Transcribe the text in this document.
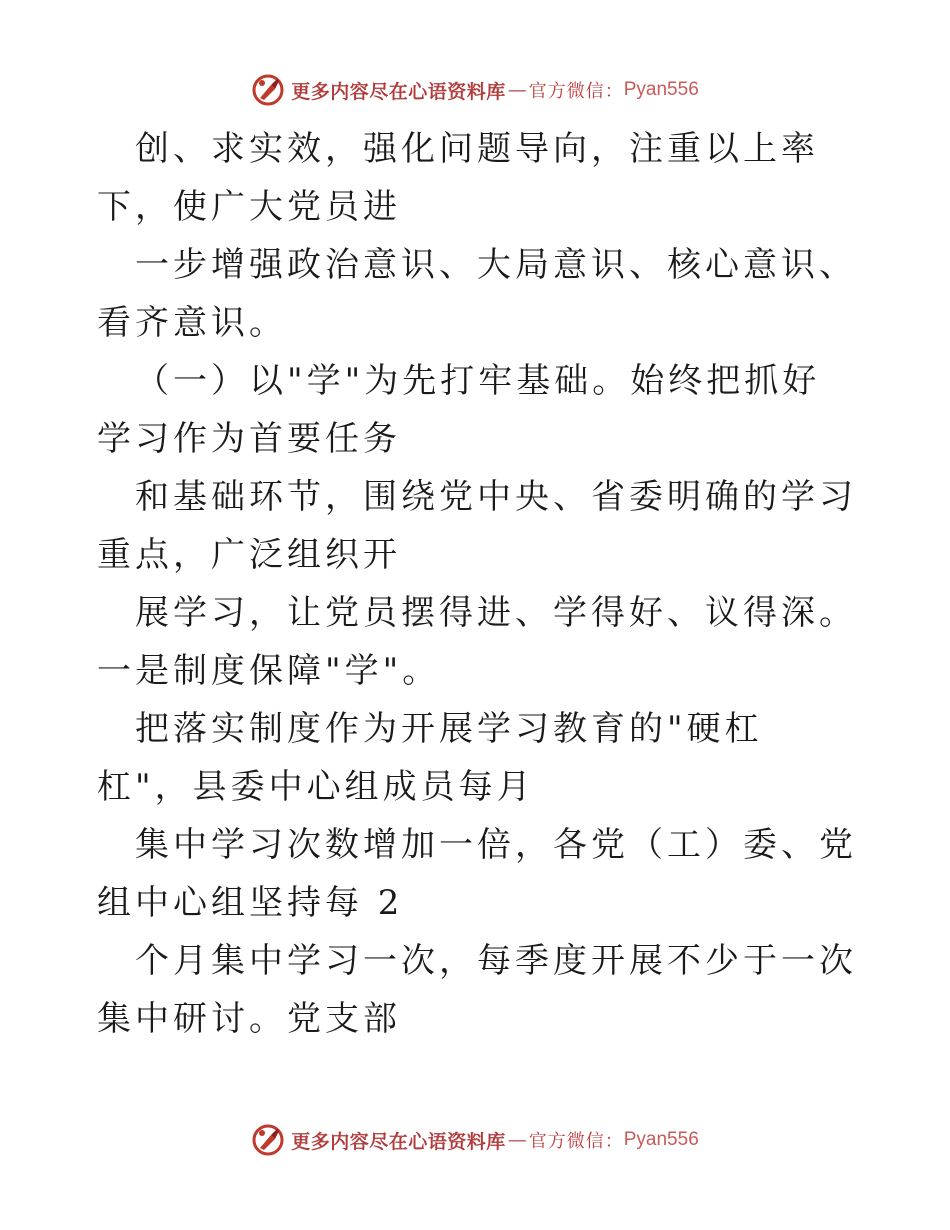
更多内容尽在心语资料库 — 官方微信： Pyan556

创、求实效，强化问题导向，注重以上率下，使广大党员进

一步增强政治意识、大局意识、核心意识、看齐意识。

（一）以"学"为先打牢基础。始终把抓好学习作为首要任务

和基础环节，围绕党中央、省委明确的学习重点，广泛组织开

展学习，让党员摆得进、学得好、议得深。一是制度保障"学"。

把落实制度作为开展学习教育的"硬杠杠"，县委中心组成员每月

集中学习次数增加一倍，各党（工）委、党组中心组坚持每 2

个月集中学习一次，每季度开展不少于一次集中研讨。党支部

更多内容尽在心语资料库 — 官方微信： Pyan556
